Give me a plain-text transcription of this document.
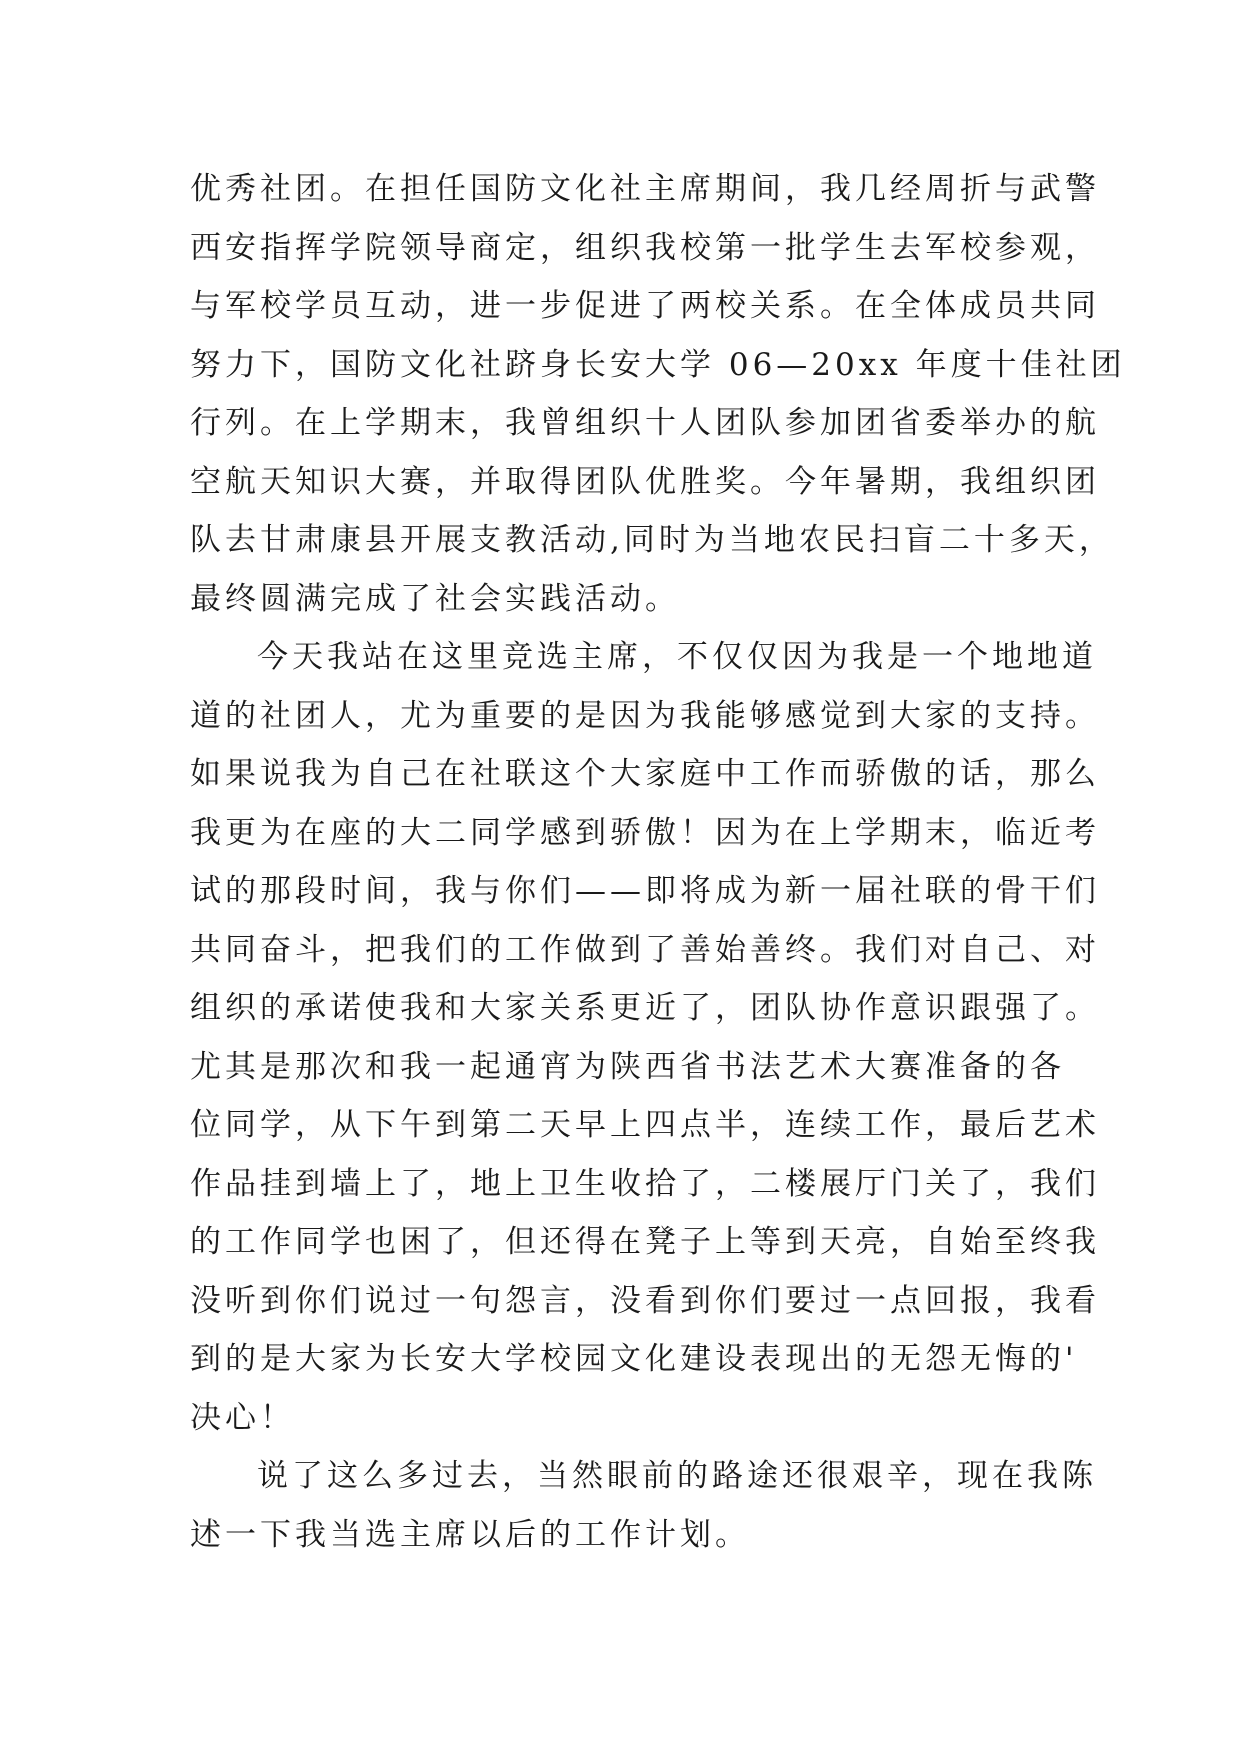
优秀社团。在担任国防文化社主席期间，我几经周折与武警
西安指挥学院领导商定，组织我校第一批学生去军校参观，
与军校学员互动，进一步促进了两校关系。在全体成员共同
努力下，国防文化社跻身长安大学 06—20xx 年度十佳社团
行列。在上学期末，我曾组织十人团队参加团省委举办的航
空航天知识大赛，并取得团队优胜奖。今年暑期，我组织团
队去甘肃康县开展支教活动,同时为当地农民扫盲二十多天，
最终圆满完成了社会实践活动。
今天我站在这里竞选主席，不仅仅因为我是一个地地道
道的社团人，尤为重要的是因为我能够感觉到大家的支持。
如果说我为自己在社联这个大家庭中工作而骄傲的话，那么
我更为在座的大二同学感到骄傲！因为在上学期末，临近考
试的那段时间，我与你们——即将成为新一届社联的骨干们
共同奋斗，把我们的工作做到了善始善终。我们对自己、对
组织的承诺使我和大家关系更近了，团队协作意识跟强了。
尤其是那次和我一起通宵为陕西省书法艺术大赛准备的各
位同学，从下午到第二天早上四点半，连续工作，最后艺术
作品挂到墙上了，地上卫生收拾了，二楼展厅门关了，我们
的工作同学也困了，但还得在凳子上等到天亮，自始至终我
没听到你们说过一句怨言，没看到你们要过一点回报，我看
到的是大家为长安大学校园文化建设表现出的无怨无悔的'
决心！
说了这么多过去，当然眼前的路途还很艰辛，现在我陈
述一下我当选主席以后的工作计划。
